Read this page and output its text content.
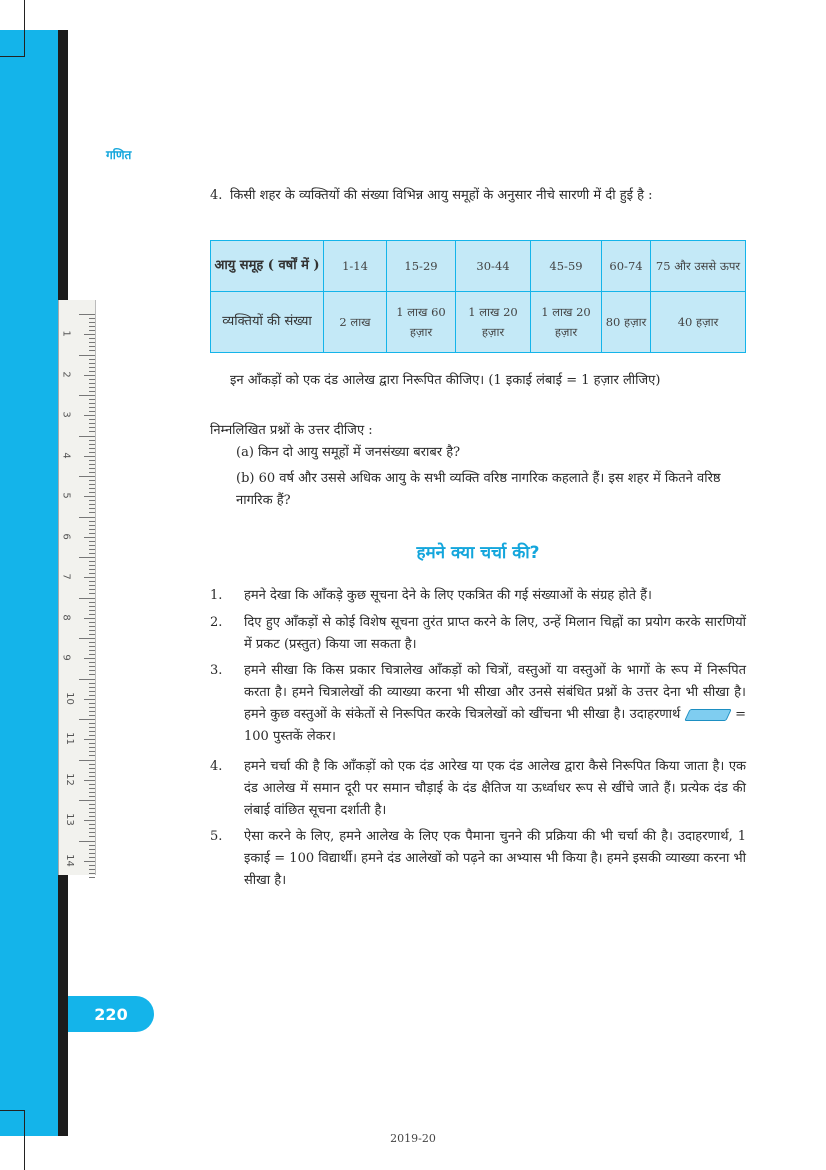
1
2
3
4
5
6
7
8
9
10
11
12
13
14
गणित
4. किसी शहर के व्यक्तियों की संख्या विभिन्न आयु समूहों के अनुसार नीचे सारणी में दी हुई है :
आयु समूह ( वर्षों में )	1-14	15-29	30-44	45-59	60-74	75 और उससे ऊपर
व्यक्तियों की संख्या	2 लाख	1 लाख 60 हज़ार	1 लाख 20 हज़ार	1 लाख 20 हज़ार	80 हज़ार	40 हज़ार
इन आँकड़ों को एक दंड आलेख द्वारा निरूपित कीजिए। (1 इकाई लंबाई = 1 हज़ार लीजिए)
निम्नलिखित प्रश्नों के उत्तर दीजिए :
(a) किन दो आयु समूहों में जनसंख्या बराबर है?
(b) 60 वर्ष और उससे अधिक आयु के सभी व्यक्ति वरिष्ठ नागरिक कहलाते हैं। इस शहर में कितने वरिष्ठ नागरिक हैं?
हमने क्या चर्चा की?
1. हमने देखा कि आँकड़े कुछ सूचना देने के लिए एकत्रित की गई संख्याओं के संग्रह होते हैं।
2. दिए हुए आँकड़ों से कोई विशेष सूचना तुरंत प्राप्त करने के लिए, उन्हें मिलान चिह्नों का प्रयोग करके सारणियों में प्रकट (प्रस्तुत) किया जा सकता है।
3. हमने सीखा कि किस प्रकार चित्रालेख आँकड़ों को चित्रों, वस्तुओं या वस्तुओं के भागों के रूप में निरूपित करता है। हमने चित्रालेखों की व्याख्या करना भी सीखा और उनसे संबंधित प्रश्नों के उत्तर देना भी सीखा है। हमने कुछ वस्तुओं के संकेतों से निरूपित करके चित्रलेखों को खींचना भी सीखा है। उदाहरणार्थ	= 100 पुस्तकें लेकर।
4. हमने चर्चा की है कि आँकड़ों को एक दंड आरेख या एक दंड आलेख द्वारा कैसे निरूपित किया जाता है। एक दंड आलेख में समान दूरी पर समान चौड़ाई के दंड क्षैतिज या ऊर्ध्वाधर रूप से खींचे जाते हैं। प्रत्येक दंड की लंबाई वांछित सूचना दर्शाती है।
5. ऐसा करने के लिए, हमने आलेख के लिए एक पैमाना चुनने की प्रक्रिया की भी चर्चा की है। उदाहरणार्थ, 1 इकाई = 100 विद्यार्थी। हमने दंड आलेखों को पढ़ने का अभ्यास भी किया है। हमने इसकी व्याख्या करना भी सीखा है।
220
2019-20
